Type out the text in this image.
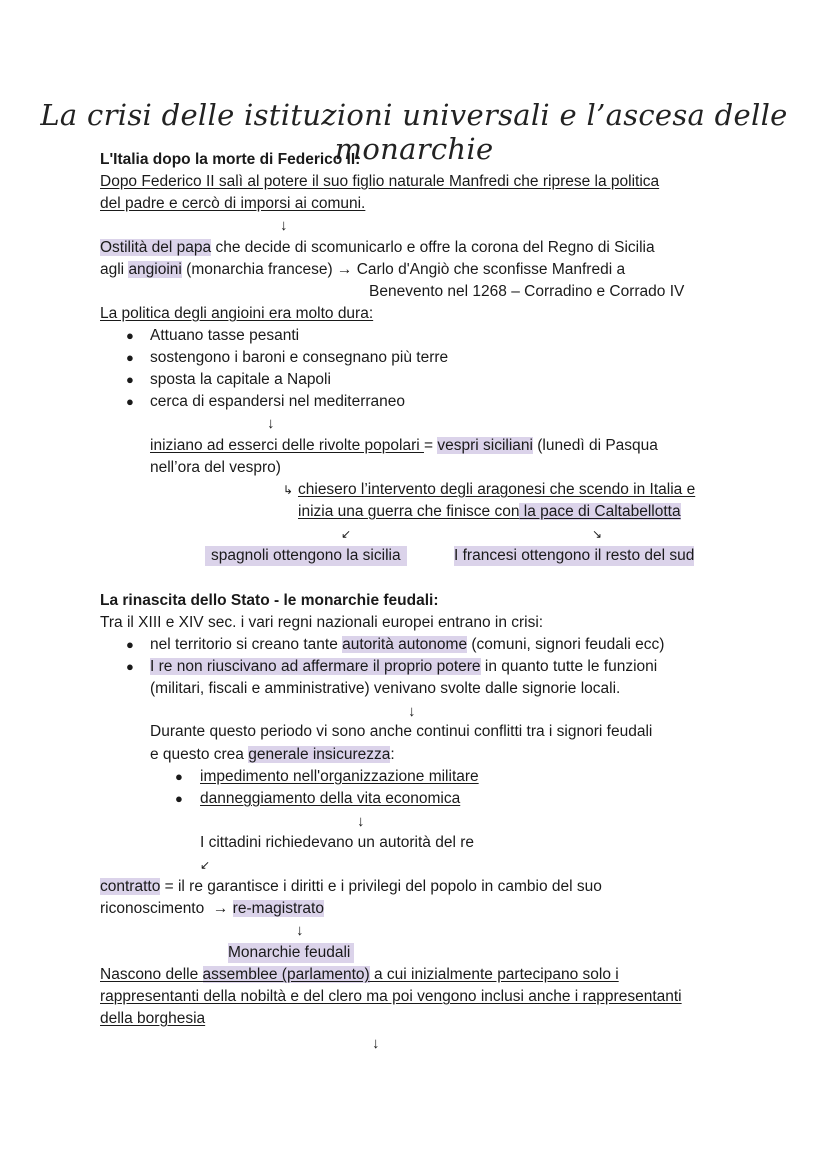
La crisi delle istituzioni universali e l’ascesa delle monarchie
L'Italia dopo la morte di Federico II:
Dopo Federico II salì al potere il suo figlio naturale Manfredi che riprese la politica
del padre e cercò di imporsi ai comuni.
↓
Ostilità del papa che decide di scomunicarlo e offre la corona del Regno di Sicilia
agli angioini (monarchia francese) → Carlo d'Angiò che sconfisse Manfredi a
Benevento nel 1268 – Corradino e Corrado IV
La politica degli angioini era molto dura:
● Attuano tasse pesanti
● sostengono i baroni e consegnano più terre
● sposta la capitale a Napoli
● cerca di espandersi nel mediterraneo
↓
iniziano ad esserci delle rivolte popolari = vespri siciliani (lunedì di Pasqua
nell’ora del vespro)
↳ chiesero l’intervento degli aragonesi che scendo in Italia e
inizia una guerra che finisce con la pace di Caltabellotta
↙	↘
spagnoli ottengono la sicilia	I francesi ottengono il resto del sud
La rinascita dello Stato - le monarchie feudali:
Tra il XIII e XIV sec. i vari regni nazionali europei entrano in crisi:
● nel territorio si creano tante autorità autonome (comuni, signori feudali ecc)
● I re non riuscivano ad affermare il proprio potere in quanto tutte le funzioni
(militari, fiscali e amministrative) venivano svolte dalle signorie locali.
↓
Durante questo periodo vi sono anche continui conflitti tra i signori feudali
e questo crea generale insicurezza:
● impedimento nell'organizzazione militare
● danneggiamento della vita economica
↓
I cittadini richiedevano un autorità del re
↙
contratto = il re garantisce i diritti e i privilegi del popolo in cambio del suo
riconoscimento  → re-magistrato
↓
Monarchie feudali
Nascono delle assemblee (parlamento) a cui inizialmente partecipano solo i
rappresentanti della nobiltà e del clero ma poi vengono inclusi anche i rappresentanti
della borghesia
↓
